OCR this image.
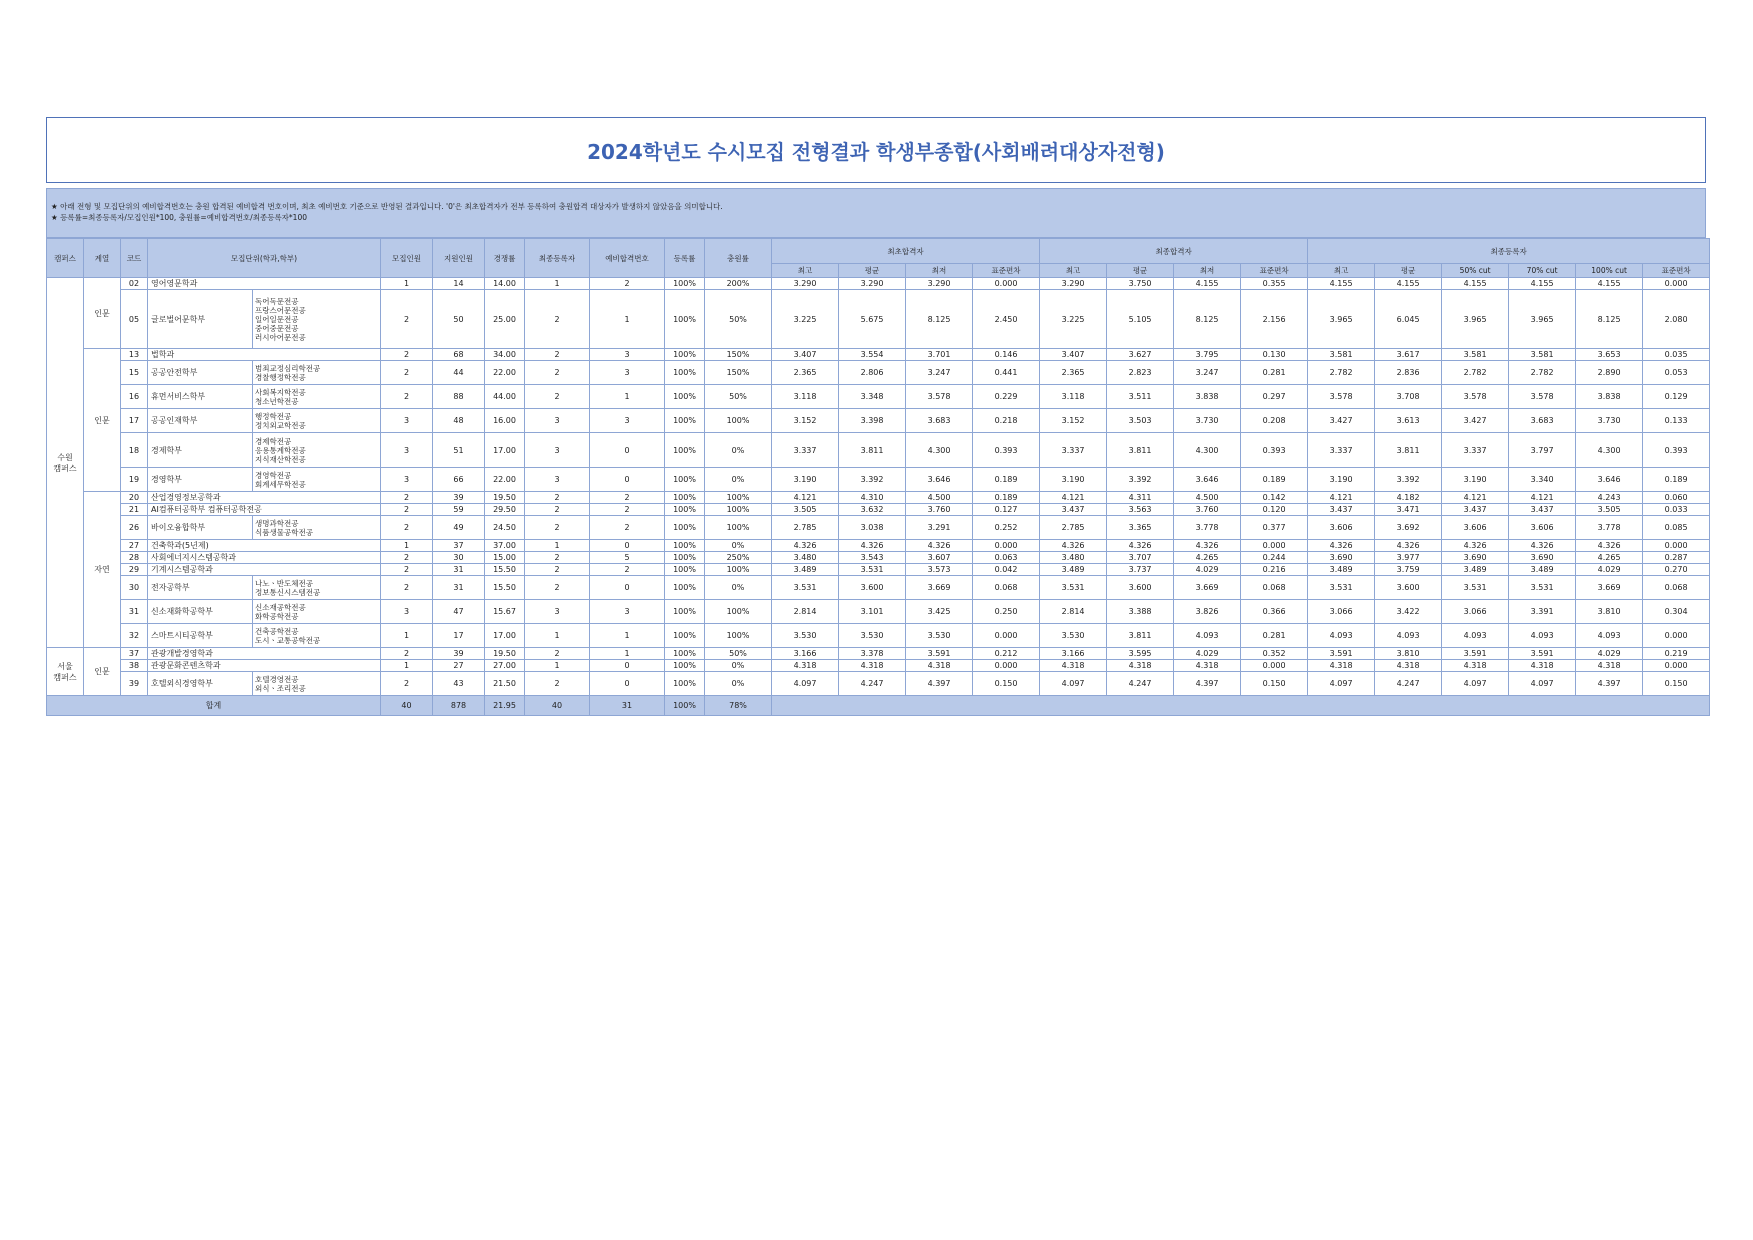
2024학년도 수시모집 전형결과 학생부종합(사회배려대상자전형)
★ 아래 전형 및 모집단위의 예비합격번호는 충원 합격된 예비합격 번호이며, 최초 예비번호 기준으로 반영된 결과입니다. '0'은 최초합격자가 전부 등록하여 충원합격 대상자가 발생하지 않았음을 의미합니다.
★ 등록률=최종등록자/모집인원*100, 충원률=예비합격번호/최종등록자*100
캠퍼스	계열	코드	모집단위(학과,학부)		모집인원	지원인원	경쟁률	최종등록자	예비합격번호	등록률	충원률	최초합격자				최종합격자				최종등록자					
												최고	평균	최저	표준편차	최고	평균	최저	표준편차	최고	평균	50% cut	70% cut	100% cut	표준편차
수원
캠퍼스	인문	02	영어영문학과		1	14	14.00	1	2	100%	200%	3.290	3.290	3.290	0.000	3.290	3.750	4.155	0.355	4.155	4.155	4.155	4.155	4.155	0.000
		05	글로벌어문학부	독어독문전공
프랑스어문전공
일어일문전공
중어중문전공
러시아어문전공	2	50	25.00	2	1	100%	50%	3.225	5.675	8.125	2.450	3.225	5.105	8.125	2.156	3.965	6.045	3.965	3.965	8.125	2.080
	인문	13	법학과		2	68	34.00	2	3	100%	150%	3.407	3.554	3.701	0.146	3.407	3.627	3.795	0.130	3.581	3.617	3.581	3.581	3.653	0.035
		15	공공안전학부	범죄교정심리학전공
경찰행정학전공	2	44	22.00	2	3	100%	150%	2.365	2.806	3.247	0.441	2.365	2.823	3.247	0.281	2.782	2.836	2.782	2.782	2.890	0.053
		16	휴먼서비스학부	사회복지학전공
청소년학전공	2	88	44.00	2	1	100%	50%	3.118	3.348	3.578	0.229	3.118	3.511	3.838	0.297	3.578	3.708	3.578	3.578	3.838	0.129
		17	공공인재학부	행정학전공
정치외교학전공	3	48	16.00	3	3	100%	100%	3.152	3.398	3.683	0.218	3.152	3.503	3.730	0.208	3.427	3.613	3.427	3.683	3.730	0.133
		18	경제학부	경제학전공
응용통계학전공
지식재산학전공	3	51	17.00	3	0	100%	0%	3.337	3.811	4.300	0.393	3.337	3.811	4.300	0.393	3.337	3.811	3.337	3.797	4.300	0.393
		19	경영학부	경영학전공
회계세무학전공	3	66	22.00	3	0	100%	0%	3.190	3.392	3.646	0.189	3.190	3.392	3.646	0.189	3.190	3.392	3.190	3.340	3.646	0.189
	자연	20	산업경영정보공학과		2	39	19.50	2	2	100%	100%	4.121	4.310	4.500	0.189	4.121	4.311	4.500	0.142	4.121	4.182	4.121	4.121	4.243	0.060
		21	AI컴퓨터공학부 컴퓨터공학전공		2	59	29.50	2	2	100%	100%	3.505	3.632	3.760	0.127	3.437	3.563	3.760	0.120	3.437	3.471	3.437	3.437	3.505	0.033
		26	바이오융합학부	생명과학전공
식품생물공학전공	2	49	24.50	2	2	100%	100%	2.785	3.038	3.291	0.252	2.785	3.365	3.778	0.377	3.606	3.692	3.606	3.606	3.778	0.085
		27	건축학과(5년제)		1	37	37.00	1	0	100%	0%	4.326	4.326	4.326	0.000	4.326	4.326	4.326	0.000	4.326	4.326	4.326	4.326	4.326	0.000
		28	사회에너지시스템공학과		2	30	15.00	2	5	100%	250%	3.480	3.543	3.607	0.063	3.480	3.707	4.265	0.244	3.690	3.977	3.690	3.690	4.265	0.287
		29	기계시스템공학과		2	31	15.50	2	2	100%	100%	3.489	3.531	3.573	0.042	3.489	3.737	4.029	0.216	3.489	3.759	3.489	3.489	4.029	0.270
		30	전자공학부	나노ㆍ반도체전공
정보통신시스템전공	2	31	15.50	2	0	100%	0%	3.531	3.600	3.669	0.068	3.531	3.600	3.669	0.068	3.531	3.600	3.531	3.531	3.669	0.068
		31	신소재화학공학부	신소재공학전공
화학공학전공	3	47	15.67	3	3	100%	100%	2.814	3.101	3.425	0.250	2.814	3.388	3.826	0.366	3.066	3.422	3.066	3.391	3.810	0.304
		32	스마트시티공학부	건축공학전공
도시ㆍ교통공학전공	1	17	17.00	1	1	100%	100%	3.530	3.530	3.530	0.000	3.530	3.811	4.093	0.281	4.093	4.093	4.093	4.093	4.093	0.000
서울
캠퍼스	인문	37	관광개발경영학과		2	39	19.50	2	1	100%	50%	3.166	3.378	3.591	0.212	3.166	3.595	4.029	0.352	3.591	3.810	3.591	3.591	4.029	0.219
		38	관광문화콘텐츠학과		1	27	27.00	1	0	100%	0%	4.318	4.318	4.318	0.000	4.318	4.318	4.318	0.000	4.318	4.318	4.318	4.318	4.318	0.000
		39	호텔외식경영학부	호텔경영전공
외식ㆍ조리전공	2	43	21.50	2	0	100%	0%	4.097	4.247	4.397	0.150	4.097	4.247	4.397	0.150	4.097	4.247	4.097	4.097	4.397	0.150
합계					40	878	21.95	40	31	100%	78%														
